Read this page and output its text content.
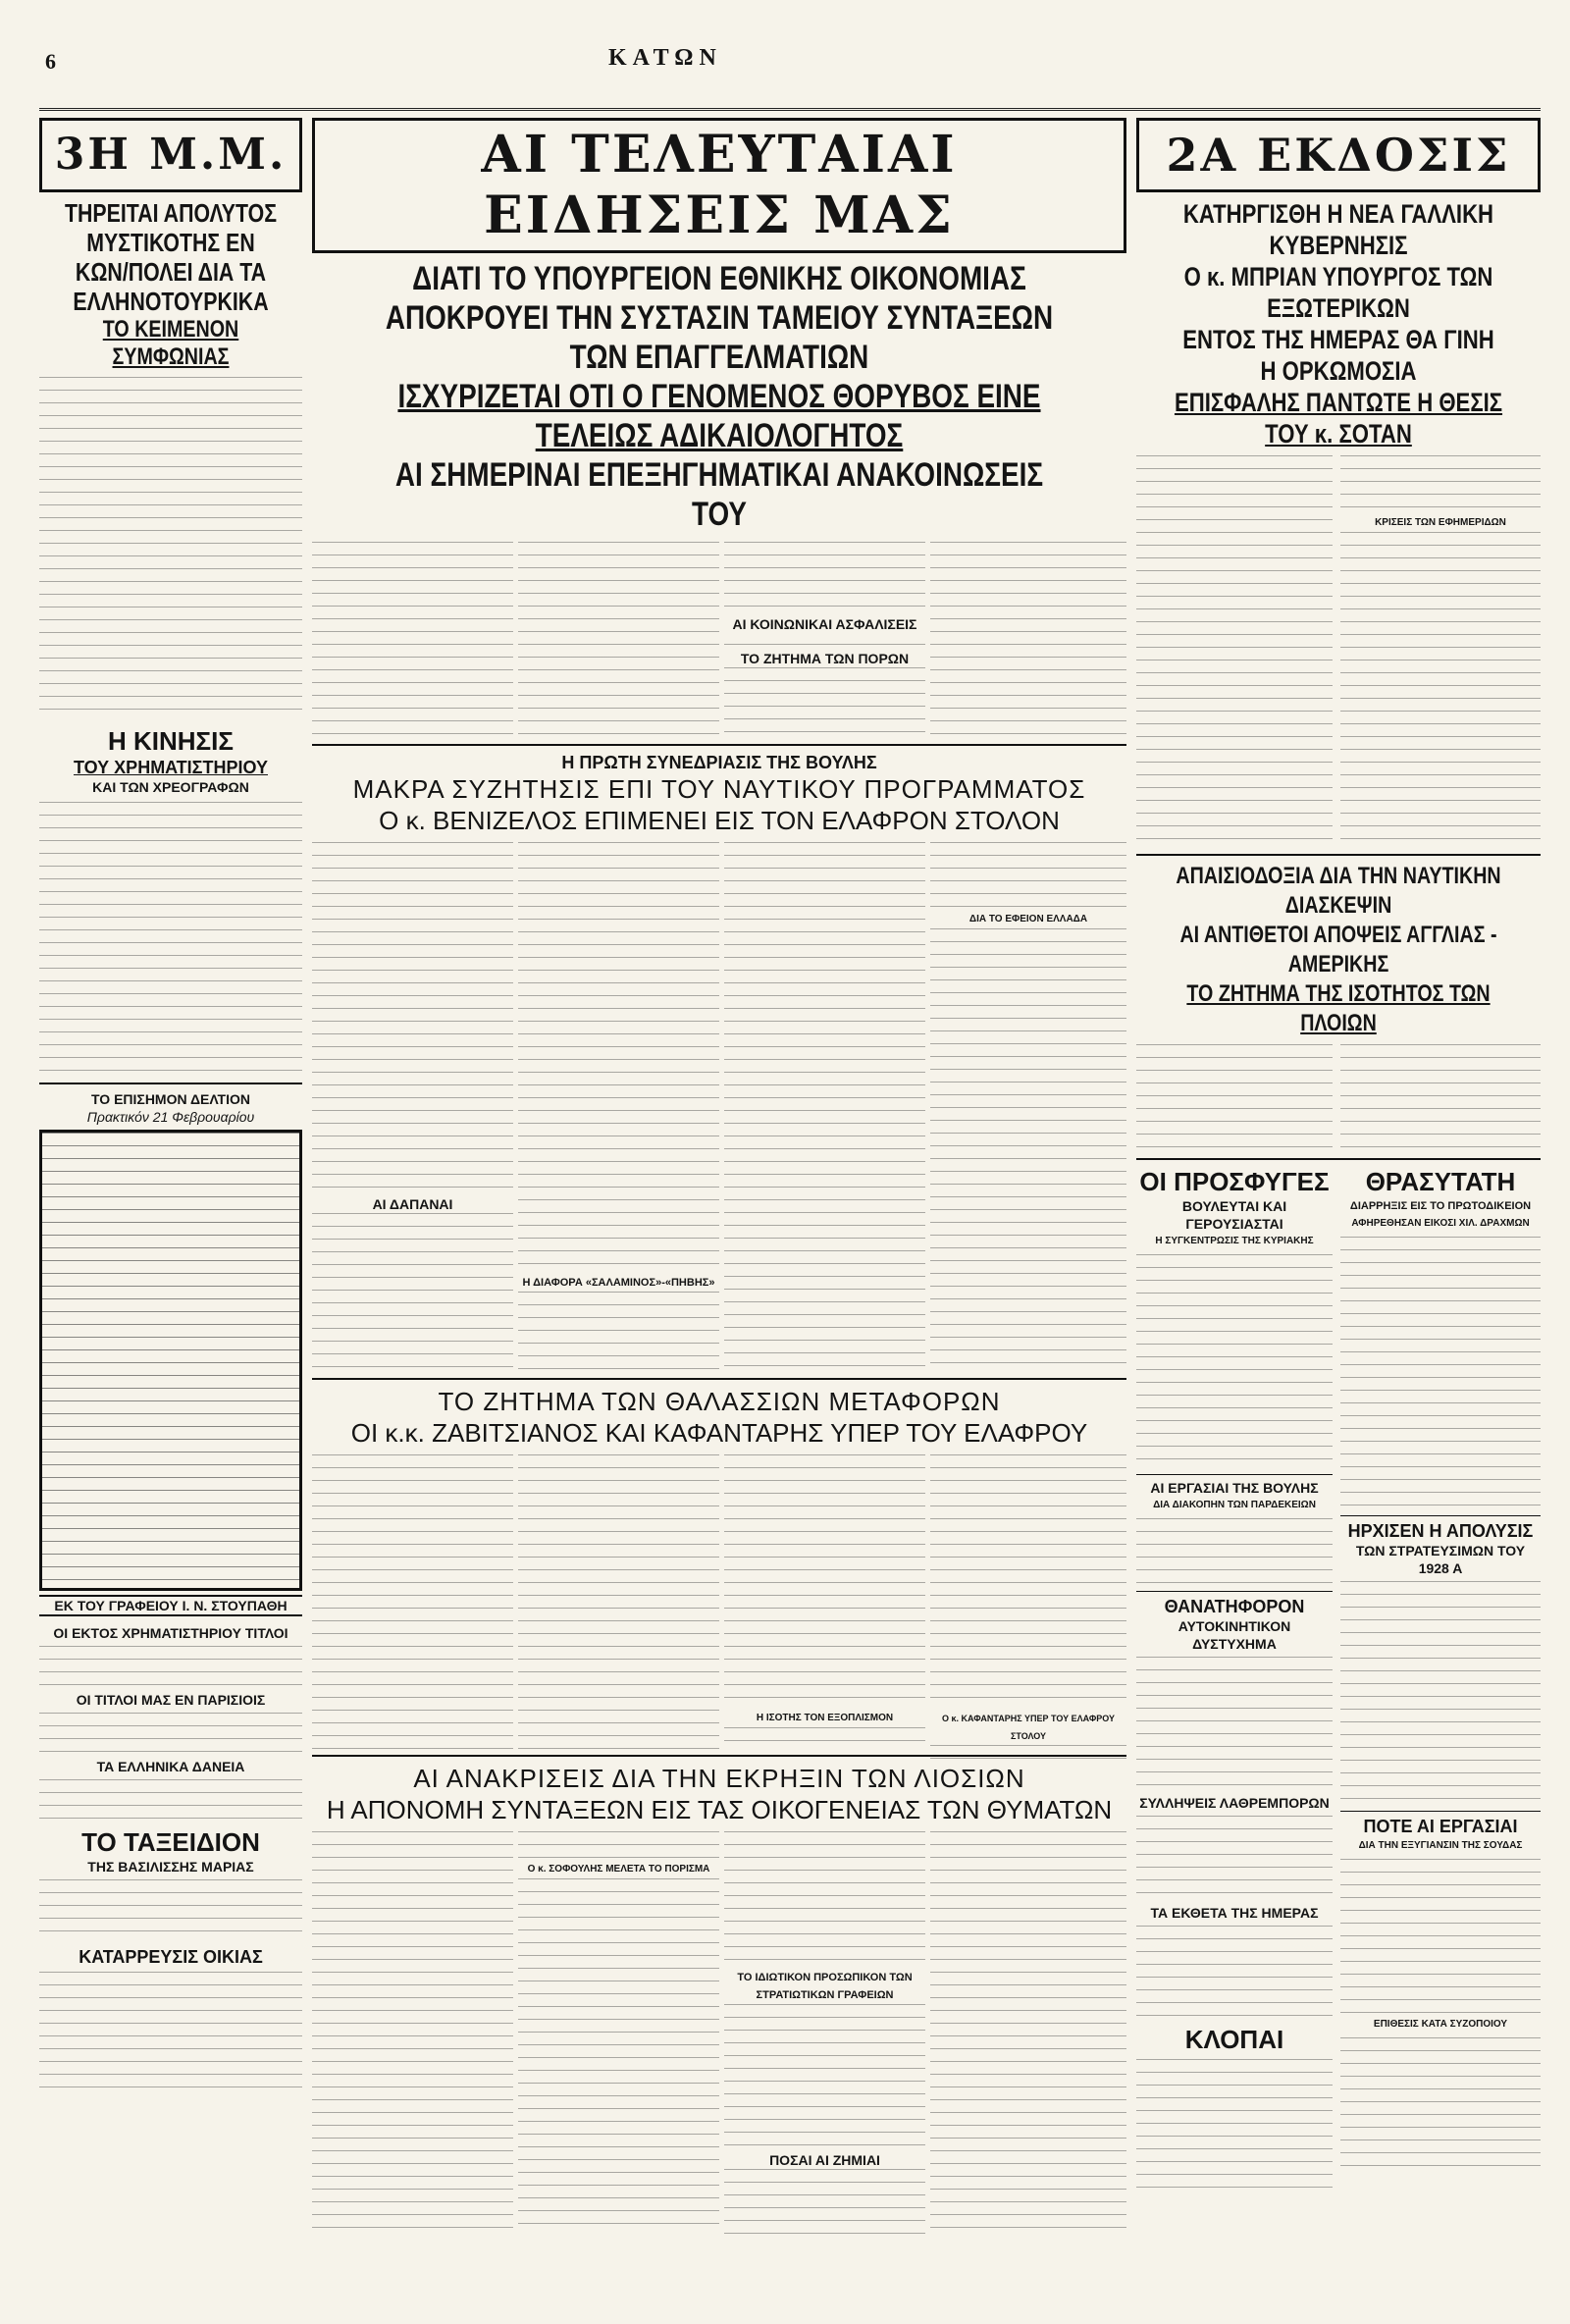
6	ΚΑΤΩΝ
3Η Μ.Μ.
ΤΗΡΕΙΤΑΙ ΑΠΟΛΥΤΟΣ ΜΥΣΤΙΚΟΤΗΣ ΕΝ ΚΩΝ/ΠΟΛΕΙ ΔΙΑ ΤΑ ΕΛΛΗΝΟΤΟΥΡΚΙΚΑ
ΤΟ ΚΕΙΜΕΝΟΝ ΣΥΜΦΩΝΙΑΣ
Η ΚΙΝΗΣΙΣ
ΤΟΥ ΧΡΗΜΑΤΙΣΤΗΡΙΟΥ
ΚΑΙ ΤΩΝ ΧΡΕΟΓΡΑΦΩΝ
ΤΟ ΕΠΙΣΗΜΟΝ ΔΕΛΤΙΟΝ
Πρακτικόν 21 Φεβρουαρίου
ΕΚ ΤΟΥ ΓΡΑΦΕΙΟΥ Ι. Ν. ΣΤΟΥΠΑΘΗ
ΟΙ ΕΚΤΟΣ ΧΡΗΜΑΤΙΣΤΗΡΙΟΥ ΤΙΤΛΟΙ
ΟΙ ΤΙΤΛΟΙ ΜΑΣ ΕΝ ΠΑΡΙΣΙΟΙΣ
ΤΑ ΕΛΛΗΝΙΚΑ ΔΑΝΕΙΑ
ΤΟ ΤΑΞΕΙΔΙΟΝ
ΤΗΣ ΒΑΣΙΛΙΣΣΗΣ ΜΑΡΙΑΣ
ΚΑΤΑΡΡΕΥΣΙΣ ΟΙΚΙΑΣ
ΑΙ ΤΕΛΕΥΤΑΙΑΙ ΕΙΔΗΣΕΙΣ ΜΑΣ
ΔΙΑΤΙ ΤΟ ΥΠΟΥΡΓΕΙΟΝ ΕΘΝΙΚΗΣ ΟΙΚΟΝΟΜΙΑΣ
ΑΠΟΚΡΟΥΕΙ ΤΗΝ ΣΥΣΤΑΣΙΝ ΤΑΜΕΙΟΥ ΣΥΝΤΑΞΕΩΝ ΤΩΝ ΕΠΑΓΓΕΛΜΑΤΙΩΝ
ΙΣΧΥΡΙΖΕΤΑΙ ΟΤΙ Ο ΓΕΝΟΜΕΝΟΣ ΘΟΡΥΒΟΣ ΕΙΝΕ ΤΕΛΕΙΩΣ ΑΔΙΚΑΙΟΛΟΓΗΤΟΣ
ΑΙ ΣΗΜΕΡΙΝΑΙ ΕΠΕΞΗΓΗΜΑΤΙΚΑΙ ΑΝΑΚΟΙΝΩΣΕΙΣ ΤΟΥ
ΤΟ ΖΗΤΗΜΑ ΤΩΝ ΠΟΡΩΝ
ΑΙ ΚΟΙΝΩΝΙΚΑΙ ΑΣΦΑΛΙΣΕΙΣ
Η ΠΡΩΤΗ ΣΥΝΕΔΡΙΑΣΙΣ ΤΗΣ ΒΟΥΛΗΣ
ΜΑΚΡΑ ΣΥΖΗΤΗΣΙΣ ΕΠΙ ΤΟΥ ΝΑΥΤΙΚΟΥ ΠΡΟΓΡΑΜΜΑΤΟΣ
Ο κ. ΒΕΝΙΖΕΛΟΣ ΕΠΙΜΕΝΕΙ ΕΙΣ ΤΟΝ ΕΛΑΦΡΟΝ ΣΤΟΛΟΝ
ΑΙ ΔΑΠΑΝΑΙ
Η ΔΙΑΦΟΡΑ «ΣΑΛΑΜΙΝΟΣ»-«ΠΗΒΗΣ»
ΔΙΑ ΤΟ ΕΦΕΙΟΝ ΕΛΛΑΔΑ
ΤΟ ΖΗΤΗΜΑ ΤΩΝ ΘΑΛΑΣΣΙΩΝ ΜΕΤΑΦΟΡΩΝ
ΟΙ κ.κ. ΖΑΒΙΤΣΙΑΝΟΣ ΚΑΙ ΚΑΦΑΝΤΑΡΗΣ ΥΠΕΡ ΤΟΥ ΕΛΑΦΡΟΥ
Η ΙΣΟΤΗΣ ΤΟΝ ΕΞΟΠΛΙΣΜΟΝ	Ο κ. ΚΑΦΑΝΤΑΡΗΣ ΥΠΕΡ ΤΟΥ ΕΛΑΦΡΟΥ ΣΤΟΛΟΥ
ΑΙ ΑΝΑΚΡΙΣΕΙΣ ΔΙΑ ΤΗΝ ΕΚΡΗΞΙΝ ΤΩΝ ΛΙΟΣΙΩΝ
Η ΑΠΟΝΟΜΗ ΣΥΝΤΑΞΕΩΝ ΕΙΣ ΤΑΣ ΟΙΚΟΓΕΝΕΙΑΣ ΤΩΝ ΘΥΜΑΤΩΝ
Ο κ. ΣΟΦΟΥΛΗΣ ΜΕΛΕΤΑ ΤΟ ΠΟΡΙΣΜΑ
ΤΟ ΙΔΙΩΤΙΚΟΝ ΠΡΟΣΩΠΙΚΟΝ ΤΩΝ ΣΤΡΑΤΙΩΤΙΚΩΝ ΓΡΑΦΕΙΩΝ
ΠΟΣΑΙ ΑΙ ΖΗΜΙΑΙ
2Α ΕΚΔΟΣΙΣ
ΚΑΤΗΡΓΙΣΘΗ Η ΝΕΑ ΓΑΛΛΙΚΗ ΚΥΒΕΡΝΗΣΙΣ
Ο κ. ΜΠΡΙΑΝ ΥΠΟΥΡΓΟΣ ΤΩΝ ΕΞΩΤΕΡΙΚΩΝ
ΕΝΤΟΣ ΤΗΣ ΗΜΕΡΑΣ ΘΑ ΓΙΝΗ Η ΟΡΚΩΜΟΣΙΑ
ΕΠΙΣΦΑΛΗΣ ΠΑΝΤΩΤΕ Η ΘΕΣΙΣ ΤΟΥ κ. ΣΟΤΑΝ
ΚΡΙΣΕΙΣ ΤΩΝ ΕΦΗΜΕΡΙΔΩΝ
ΑΠΑΙΣΙΟΔΟΞΙΑ ΔΙΑ ΤΗΝ ΝΑΥΤΙΚΗΝ ΔΙΑΣΚΕΨΙΝ
ΑΙ ΑΝΤΙΘΕΤΟΙ ΑΠΟΨΕΙΣ ΑΓΓΛΙΑΣ - ΑΜΕΡΙΚΗΣ
ΤΟ ΖΗΤΗΜΑ ΤΗΣ ΙΣΟΤΗΤΟΣ ΤΩΝ ΠΛΟΙΩΝ
ΟΙ ΠΡΟΣΦΥΓΕΣ
ΒΟΥΛΕΥΤΑΙ ΚΑΙ ΓΕΡΟΥΣΙΑΣΤΑΙ
Η ΣΥΓΚΕΝΤΡΩΣΙΣ ΤΗΣ ΚΥΡΙΑΚΗΣ
ΑΙ ΕΡΓΑΣΙΑΙ ΤΗΣ ΒΟΥΛΗΣ
ΔΙΑ ΔΙΑΚΟΠΗΝ ΤΩΝ ΠΑΡΔΕΚΕΙΩΝ
ΘΑΝΑΤΗΦΟΡΟΝ
ΑΥΤΟΚΙΝΗΤΙΚΟΝ ΔΥΣΤΥΧΗΜΑ
ΣΥΛΛΗΨΕΙΣ ΛΑΘΡΕΜΠΟΡΩΝ
ΤΑ ΕΚΘΕΤΑ ΤΗΣ ΗΜΕΡΑΣ
ΚΛΟΠΑΙ
ΘΡΑΣΥΤΑΤΗ
ΔΙΑΡΡΗΞΙΣ ΕΙΣ ΤΟ ΠΡΩΤΟΔΙΚΕΙΟΝ
ΑΦΗΡΕΘΗΣΑΝ ΕΙΚΟΣΙ ΧΙΛ. ΔΡΑΧΜΩΝ
ΗΡΧΙΣΕΝ Η ΑΠΟΛΥΣΙΣ
ΤΩΝ ΣΤΡΑΤΕΥΣΙΜΩΝ ΤΟΥ 1928 Α
ΠΟΤΕ ΑΙ ΕΡΓΑΣΙΑΙ
ΔΙΑ ΤΗΝ ΕΞΥΓΙΑΝΣΙΝ ΤΗΣ ΣΟΥΔΑΣ
ΕΠΙΘΕΣΙΣ ΚΑΤΑ ΣΥΖΟΠΟΙΟΥ
